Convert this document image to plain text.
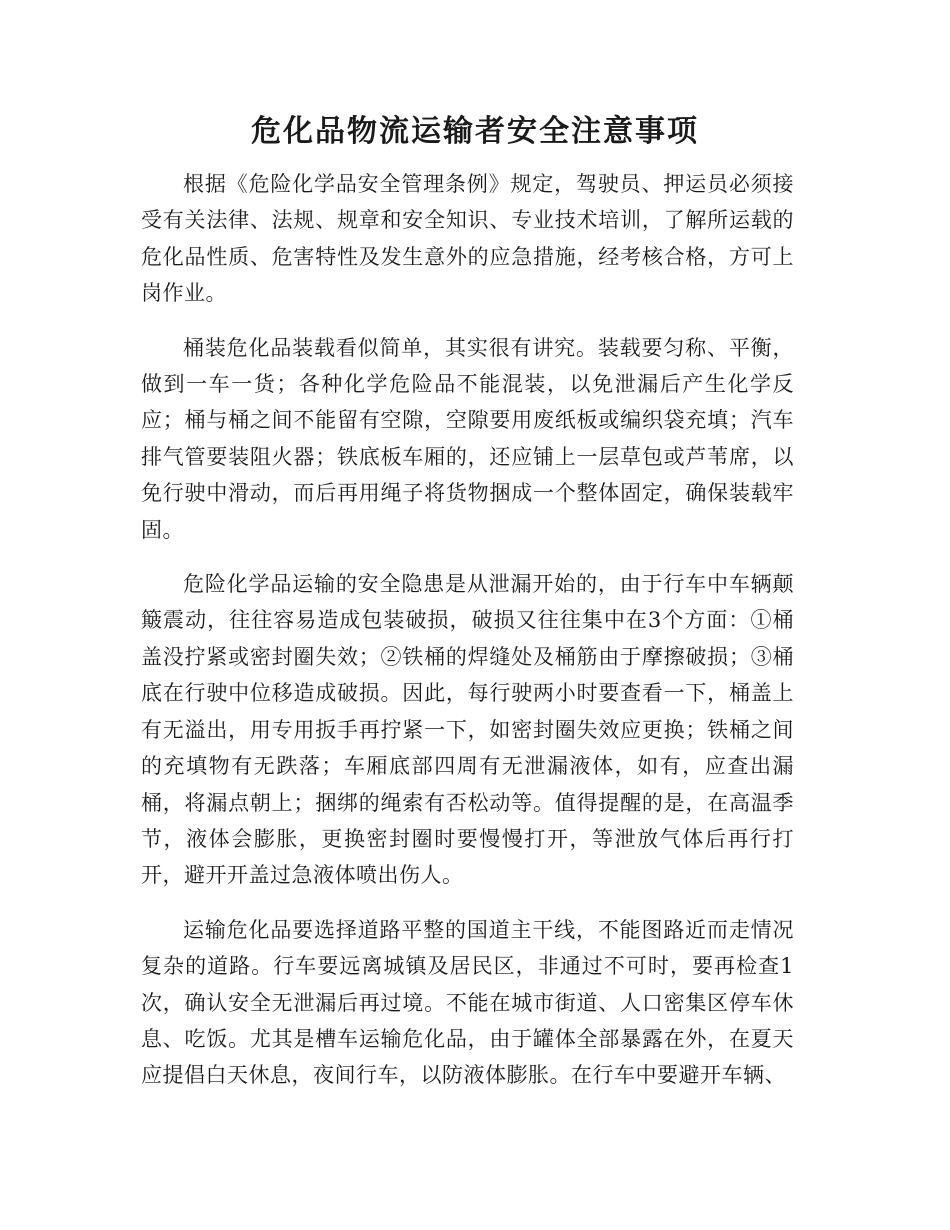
危化品物流运输者安全注意事项

根据《危险化学品安全管理条例》规定，驾驶员、押运员必须接受有关法律、法规、规章和安全知识、专业技术培训，了解所运载的危化品性质、危害特性及发生意外的应急措施，经考核合格，方可上岗作业。

桶装危化品装载看似简单，其实很有讲究。装载要匀称、平衡，做到一车一货；各种化学危险品不能混装，以免泄漏后产生化学反应；桶与桶之间不能留有空隙，空隙要用废纸板或编织袋充填；汽车排气管要装阻火器；铁底板车厢的，还应铺上一层草包或芦苇席，以免行驶中滑动，而后再用绳子将货物捆成一个整体固定，确保装载牢固。

危险化学品运输的安全隐患是从泄漏开始的，由于行车中车辆颠簸震动，往往容易造成包装破损，破损又往往集中在3个方面：①桶盖没拧紧或密封圈失效；②铁桶的焊缝处及桶筋由于摩擦破损；③桶底在行驶中位移造成破损。因此，每行驶两小时要查看一下，桶盖上有无溢出，用专用扳手再拧紧一下，如密封圈失效应更换；铁桶之间的充填物有无跌落；车厢底部四周有无泄漏液体，如有，应查出漏桶，将漏点朝上；捆绑的绳索有否松动等。值得提醒的是，在高温季节，液体会膨胀，更换密封圈时要慢慢打开，等泄放气体后再行打开，避开开盖过急液体喷出伤人。

运输危化品要选择道路平整的国道主干线，不能图路近而走情况复杂的道路。行车要远离城镇及居民区，非通过不可时，要再检查1次，确认安全无泄漏后再过境。不能在城市街道、人口密集区停车休息、吃饭。尤其是槽车运输危化品，由于罐体全部暴露在外，在夏天应提倡白天休息，夜间行车，以防液体膨胀。在行车中要避开车辆、
